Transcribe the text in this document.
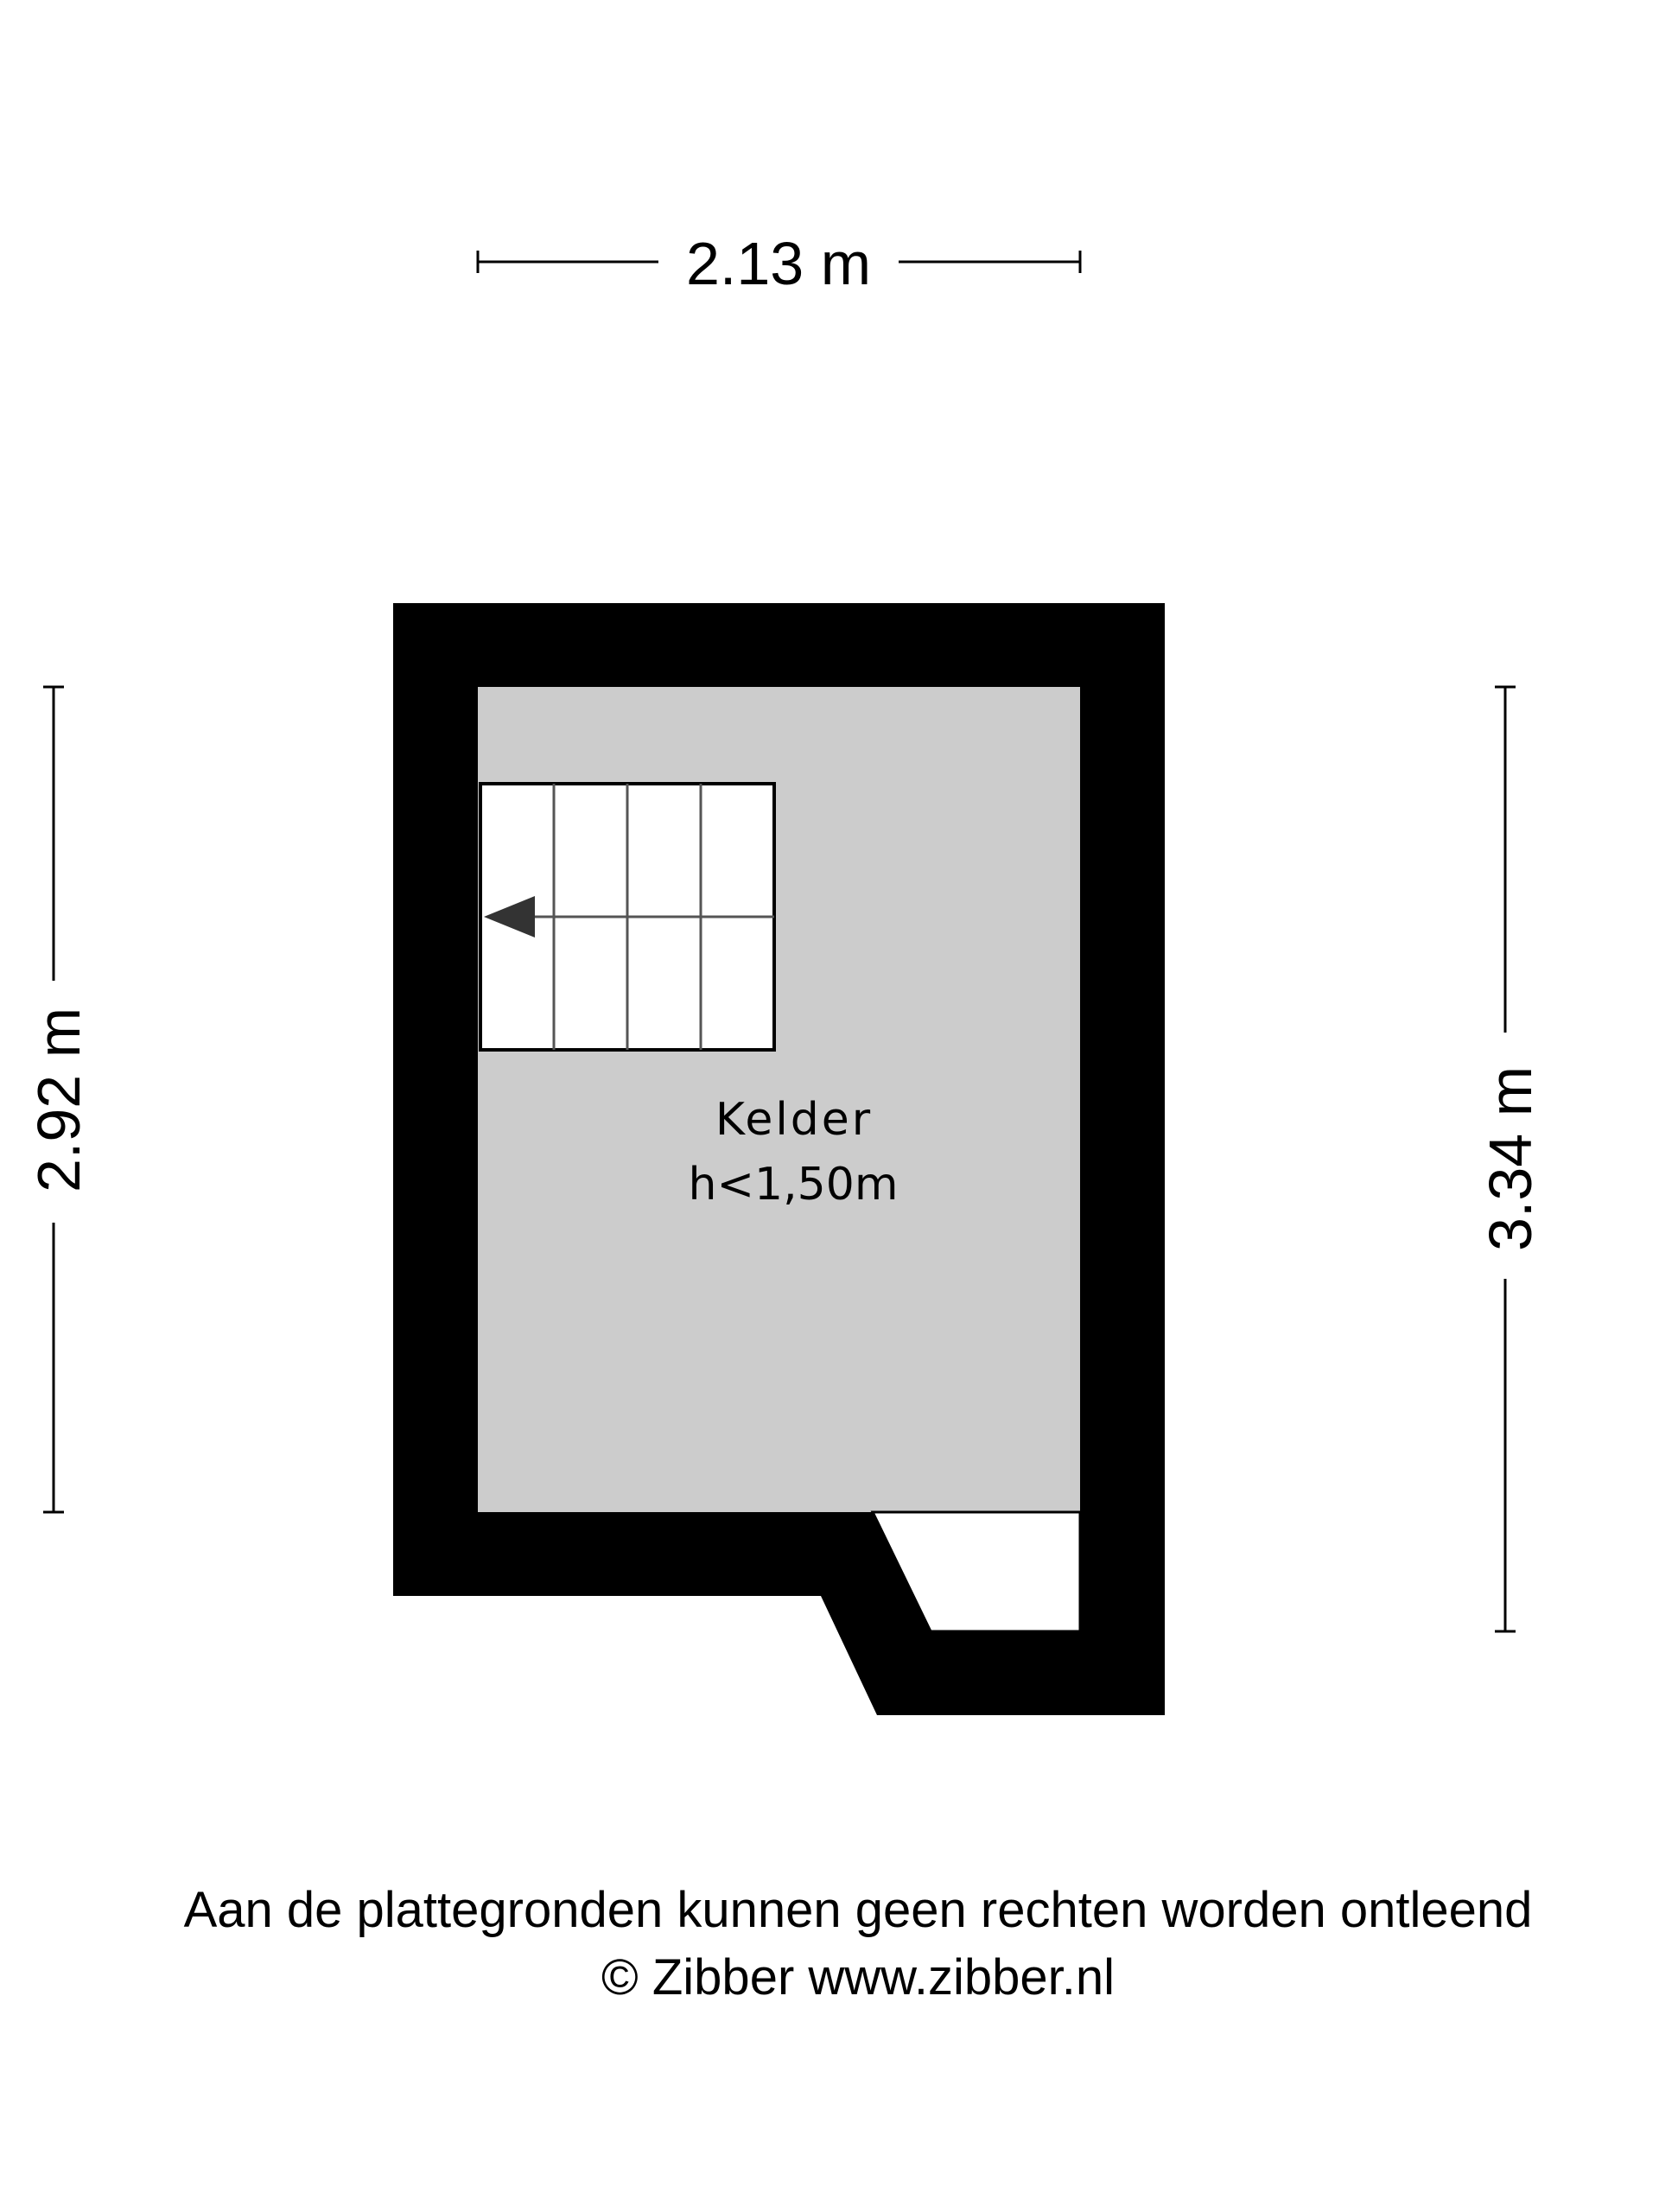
2.13 m
2.92 m	3.34 m
Kelder
h<1,50m
Aan de plattegronden kunnen geen rechten worden ontleend
© Zibber www.zibber.nl
